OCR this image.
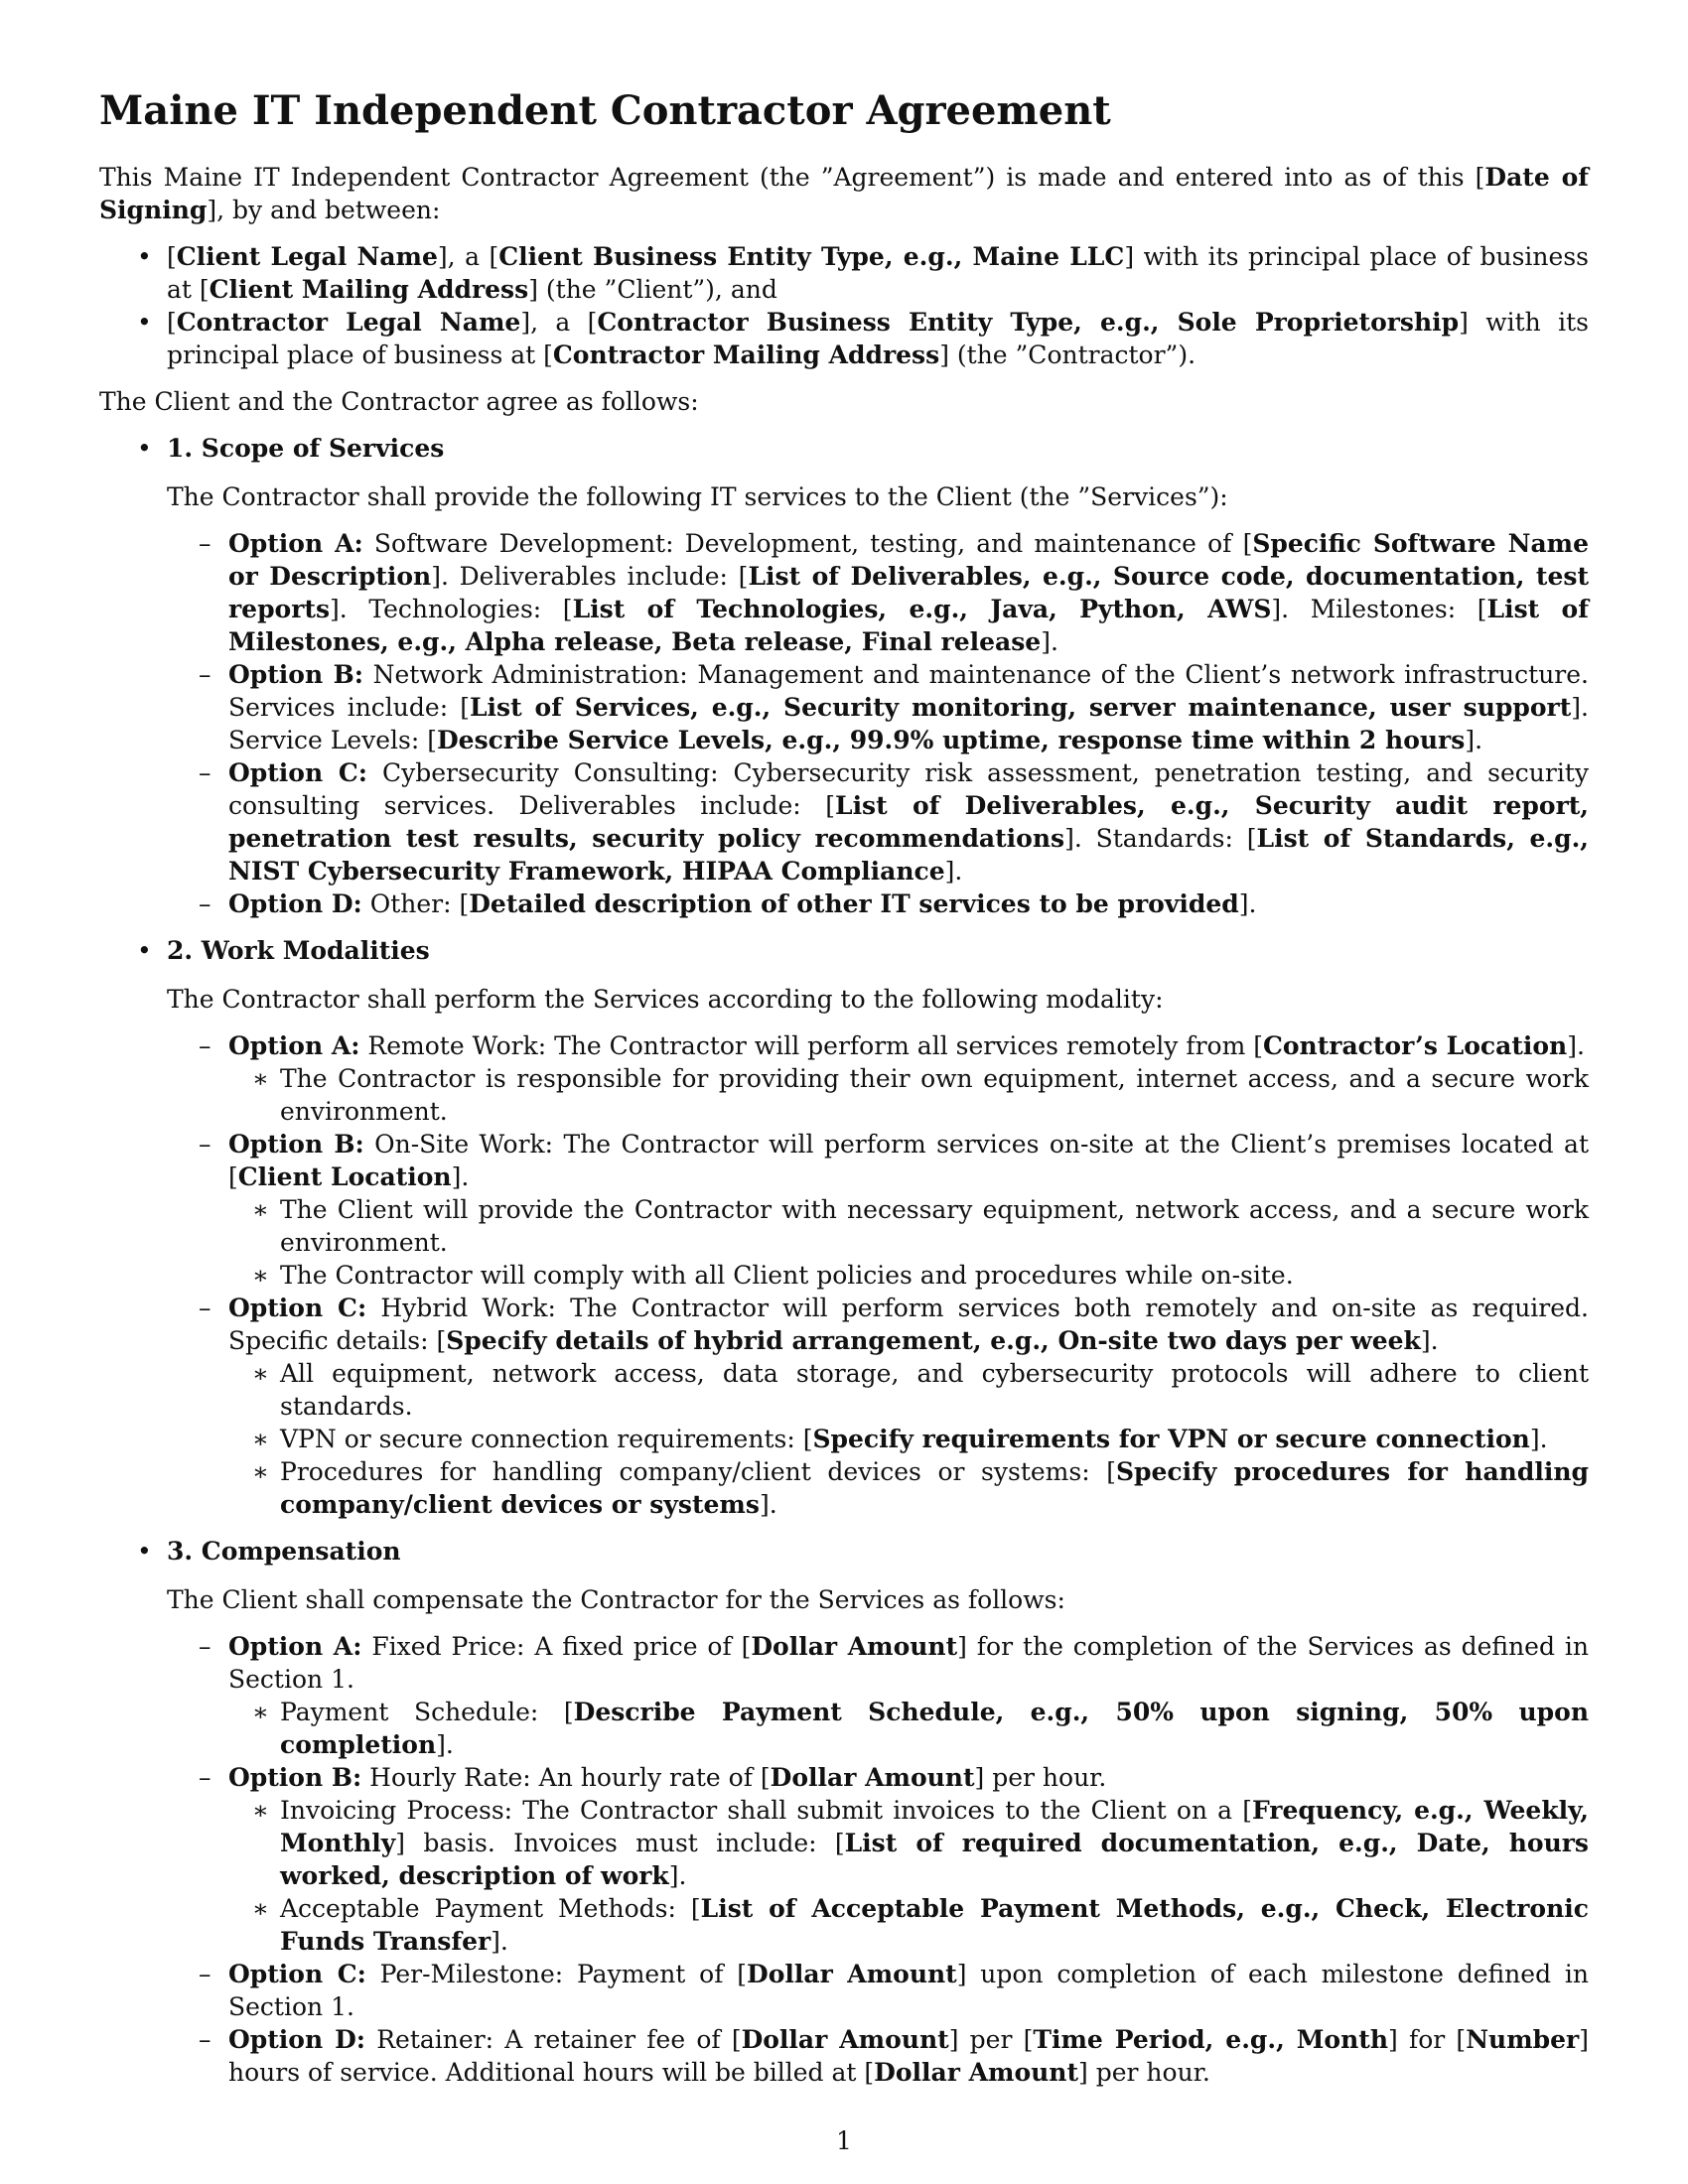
Maine IT Independent Contractor Agreement

This Maine IT Independent Contractor Agreement (the ”Agreement”) is made and entered into as of this [Date of Signing], by and between:

• [Client Legal Name], a [Client Business Entity Type, e.g., Maine LLC] with its principal place of business at [Client Mailing Address] (the ”Client”), and
• [Contractor Legal Name], a [Contractor Business Entity Type, e.g., Sole Proprietorship] with its principal place of business at [Contractor Mailing Address] (the ”Contractor”).

The Client and the Contractor agree as follows:

• 1. Scope of Services

The Contractor shall provide the following IT services to the Client (the ”Services”):

– Option A: Software Development: Development, testing, and maintenance of [Specific Software Name or Description]. Deliverables include: [List of Deliverables, e.g., Source code, documentation, test reports]. Technologies: [List of Technologies, e.g., Java, Python, AWS]. Milestones: [List of Milestones, e.g., Alpha release, Beta release, Final release].
– Option B: Network Administration: Management and maintenance of the Client’s network infrastructure. Services include: [List of Services, e.g., Security monitoring, server maintenance, user support]. Service Levels: [Describe Service Levels, e.g., 99.9% uptime, response time within 2 hours].
– Option C: Cybersecurity Consulting: Cybersecurity risk assessment, penetration testing, and security consulting services. Deliverables include: [List of Deliverables, e.g., Security audit report, penetration test results, security policy recommendations]. Standards: [List of Standards, e.g., NIST Cybersecurity Framework, HIPAA Compliance].
– Option D: Other: [Detailed description of other IT services to be provided].
• 2. Work Modalities

The Contractor shall perform the Services according to the following modality:

– Option A: Remote Work: The Contractor will perform all services remotely from [Contractor’s Location].
∗ The Contractor is responsible for providing their own equipment, internet access, and a secure work environment.
– Option B: On-Site Work: The Contractor will perform services on-site at the Client’s premises located at [Client Location].
∗ The Client will provide the Contractor with necessary equipment, network access, and a secure work environment.
∗ The Contractor will comply with all Client policies and procedures while on-site.
– Option C: Hybrid Work: The Contractor will perform services both remotely and on-site as required. Specific details: [Specify details of hybrid arrangement, e.g., On-site two days per week].
∗ All equipment, network access, data storage, and cybersecurity protocols will adhere to client standards.
∗ VPN or secure connection requirements: [Specify requirements for VPN or secure connection].
∗ Procedures for handling company/client devices or systems: [Specify procedures for handling company/client devices or systems].
• 3. Compensation

The Client shall compensate the Contractor for the Services as follows:

– Option A: Fixed Price: A fixed price of [Dollar Amount] for the completion of the Services as defined in Section 1.
∗ Payment Schedule: [Describe Payment Schedule, e.g., 50% upon signing, 50% upon completion].
– Option B: Hourly Rate: An hourly rate of [Dollar Amount] per hour.
∗ Invoicing Process: The Contractor shall submit invoices to the Client on a [Frequency, e.g., Weekly, Monthly] basis. Invoices must include: [List of required documentation, e.g., Date, hours worked, description of work].
∗ Acceptable Payment Methods: [List of Acceptable Payment Methods, e.g., Check, Electronic Funds Transfer].
– Option C: Per-Milestone: Payment of [Dollar Amount] upon completion of each milestone defined in Section 1.
– Option D: Retainer: A retainer fee of [Dollar Amount] per [Time Period, e.g., Month] for [Number] hours of service. Additional hours will be billed at [Dollar Amount] per hour.
1
